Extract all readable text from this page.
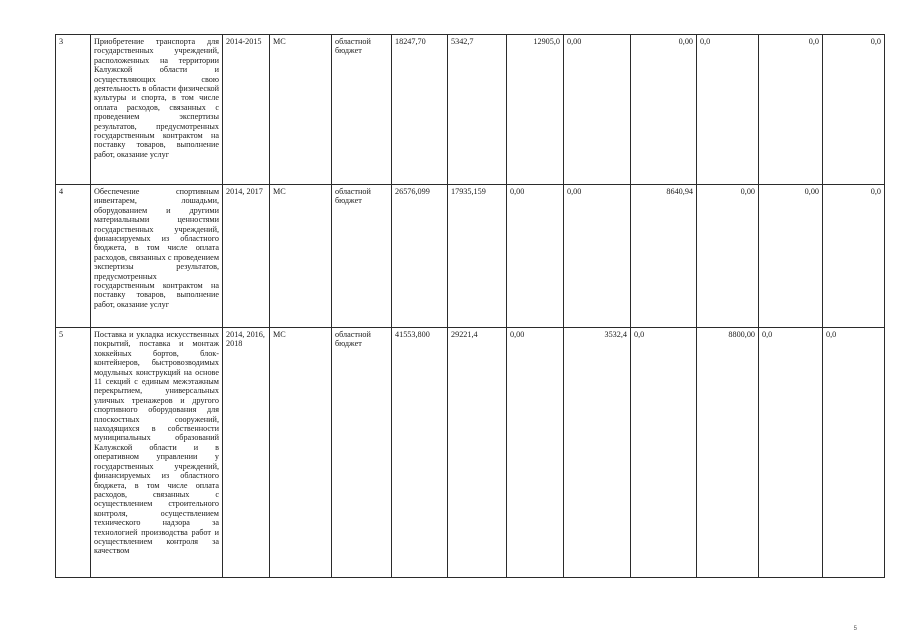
3	Приобретение транспорта для государственных учреждений, расположенных на территории Калужской области и осуществляющих свою деятельность в области физической культуры и спорта, в том числе оплата расходов, связанных с проведением экспертизы результатов, предусмотренных государственным контрактом на поставку товаров, выполнение работ, оказание услуг	2014-2015	МС	областной бюджет	18247,70	5342,7	12905,0	0,00	0,00	0,0	0,0	0,0
4	Обеспечение спортивным инвентарем, лошадьми, оборудованием и другими материальными ценностями государственных учреждений, финансируемых из областного бюджета, в том числе оплата расходов, связанных с проведением экспертизы результатов, предусмотренных государственным контрактом на поставку товаров, выполнение работ, оказание услуг	2014, 2017	МС	областной бюджет	26576,099	17935,159	0,00	0,00	8640,94	0,00	0,00	0,0
5	Поставка и укладка искусственных покрытий, поставка и монтаж хоккейных бортов, блок-контейнеров, быстровозводимых модульных конструкций на основе 11 секций с единым межэтажным перекрытием, универсальных уличных тренажеров и другого спортивного оборудования для плоскостных сооружений, находящихся в собственности муниципальных образований Калужской области и в оперативном управлении у государственных учреждений, финансируемых из областного бюджета, в том числе оплата расходов, связанных с осуществлением строительного контроля, осуществлением технического надзора за технологией производства работ и осуществлением контроля за качеством	2014, 2016, 2018	МС	областной бюджет	41553,800	29221,4	0,00	3532,4	0,0	8800,00	0,0	0,0
5
